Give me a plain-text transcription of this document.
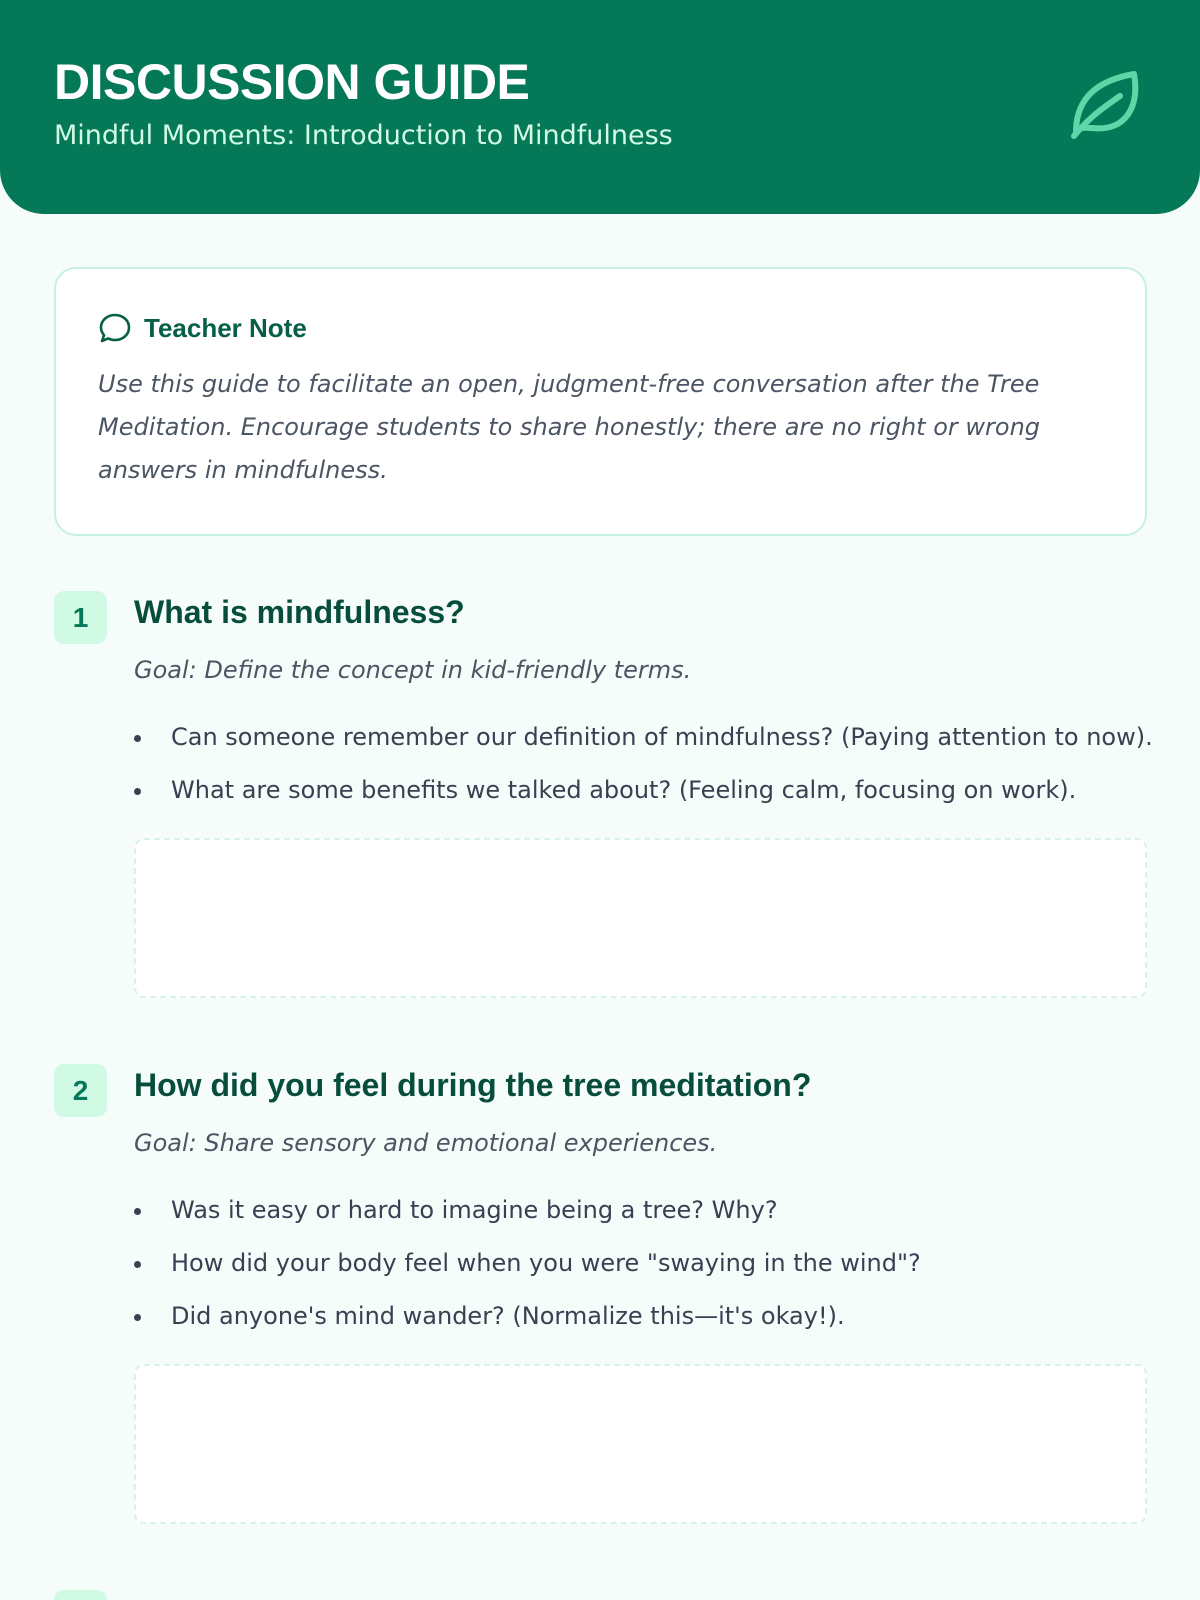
DISCUSSION GUIDE
Mindful Moments: Introduction to Mindfulness
Teacher Note
Use this guide to facilitate an open, judgment-free conversation after the Tree Meditation. Encourage students to share honestly; there are no right or wrong answers in mindfulness.
1	What is mindfulness?
Goal: Define the concept in kid-friendly terms.
Can someone remember our definition of mindfulness? (Paying attention to now).
What are some benefits we talked about? (Feeling calm, focusing on work).
2	How did you feel during the tree meditation?
Goal: Share sensory and emotional experiences.
Was it easy or hard to imagine being a tree? Why?
How did your body feel when you were "swaying in the wind"?
Did anyone's mind wander? (Normalize this—it's okay!).
